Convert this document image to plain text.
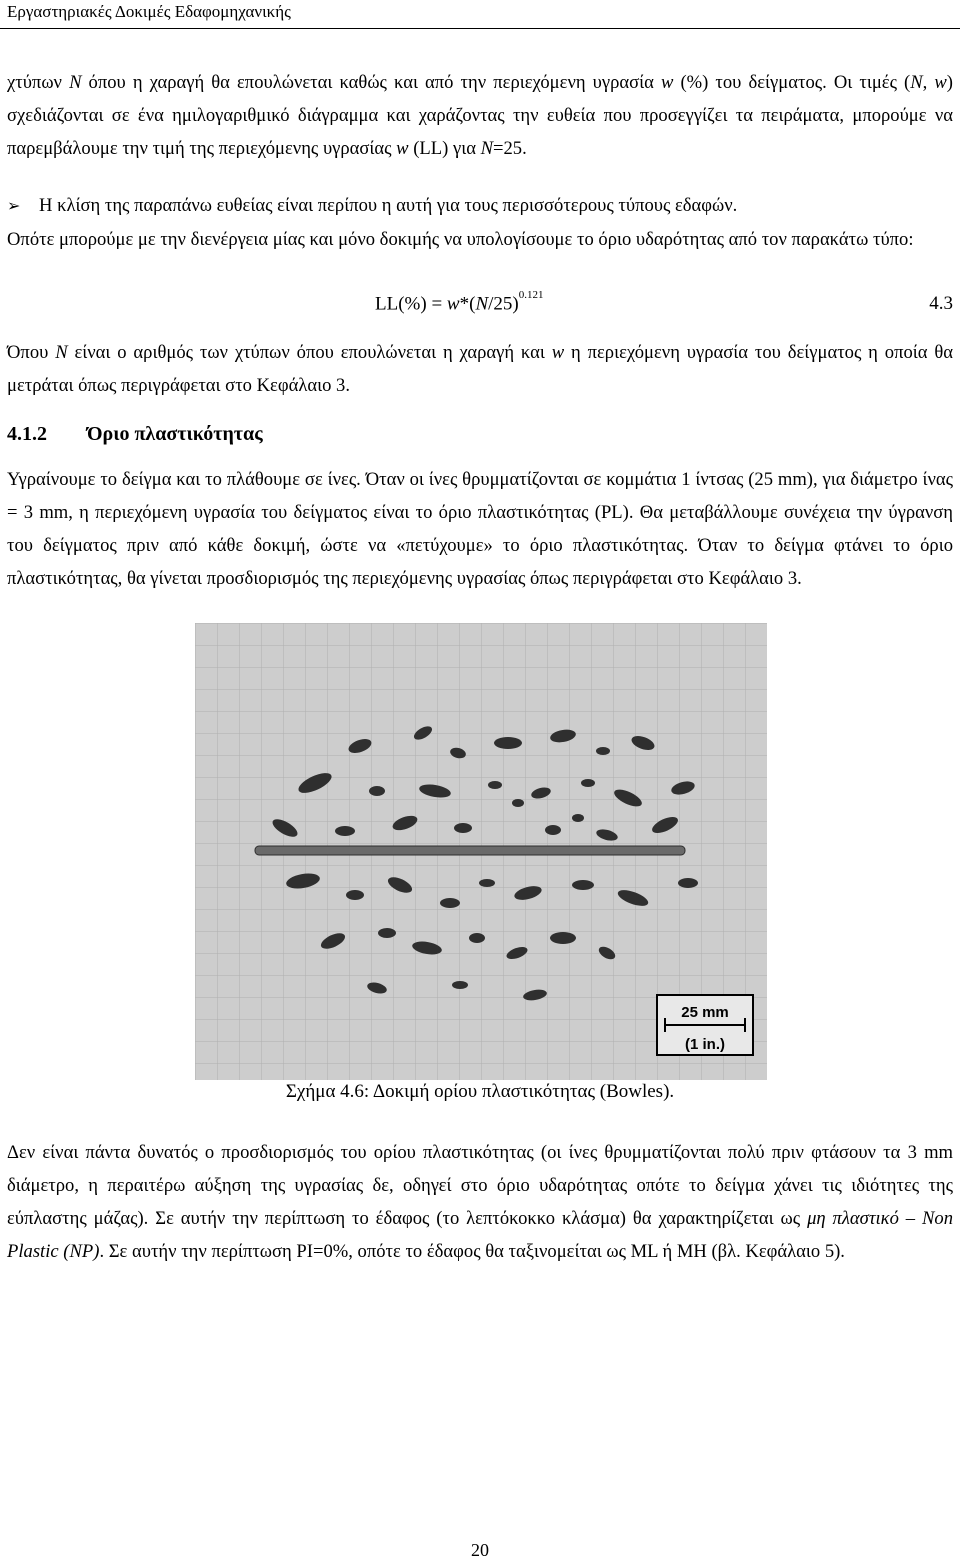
Εργαστηριακές Δοκιμές Εδαφομηχανικής

χτύπων N όπου η χαραγή θα επουλώνεται καθώς και από την περιεχόμενη υγρασία w (%) του δείγματος. Οι τιμές (N, w) σχεδιάζονται σε ένα ημιλογαριθμικό διάγραμμα και χαράζοντας την ευθεία που προσεγγίζει τα πειράματα, μπορούμε να παρεμβάλουμε την τιμή της περιεχόμενης υγρασίας w (LL) για N=25.

➢ Η κλίση της παραπάνω ευθείας είναι περίπου η αυτή για τους περισσότερους τύπους εδαφών.

Οπότε μπορούμε με την διενέργεια μίας και μόνο δοκιμής να υπολογίσουμε το όριο υδαρότητας από τον παρακάτω τύπο:

$LL(\%) = w*(N/25)^{0.121}$	4.3

Όπου N είναι ο αριθμός των χτύπων όπου επουλώνεται η χαραγή και w η περιεχόμενη υγρασία του δείγματος η οποία θα μετράται όπως περιγράφεται στο Κεφάλαιο 3.

4.1.2 Όριο πλαστικότητας

Υγραίνουμε το δείγμα και το πλάθουμε σε ίνες. Όταν οι ίνες θρυμματίζονται σε κομμάτια 1 ίντσας (25 mm), για διάμετρο ίνας = 3 mm, η περιεχόμενη υγρασία του δείγματος είναι το όριο πλαστικότητας (PL). Θα μεταβάλλουμε συνέχεια την ύγρανση του δείγματος πριν από κάθε δοκιμή, ώστε να «πετύχουμε» το όριο πλαστικότητας. Όταν το δείγμα φτάνει το όριο πλαστικότητας, θα γίνεται προσδιορισμός της περιεχόμενης υγρασίας όπως περιγράφεται στο Κεφάλαιο 3.

25 mm
(1 in.)
Σχήμα 4.6: Δοκιμή ορίου πλαστικότητας (Bowles).

Δεν είναι πάντα δυνατός ο προσδιορισμός του ορίου πλαστικότητας (οι ίνες θρυμματίζονται πολύ πριν φτάσουν τα 3 mm διάμετρο, η περαιτέρω αύξηση της υγρασίας δε, οδηγεί στο όριο υδαρότητας οπότε το δείγμα χάνει τις ιδιότητες της εύπλαστης μάζας). Σε αυτήν την περίπτωση το έδαφος (το λεπτόκοκκο κλάσμα) θα χαρακτηρίζεται ως μη πλαστικό – Non Plastic (NP). Σε αυτήν την περίπτωση PI=0%, οπότε το έδαφος θα ταξινομείται ως ML ή MH (βλ. Κεφάλαιο 5).

20
